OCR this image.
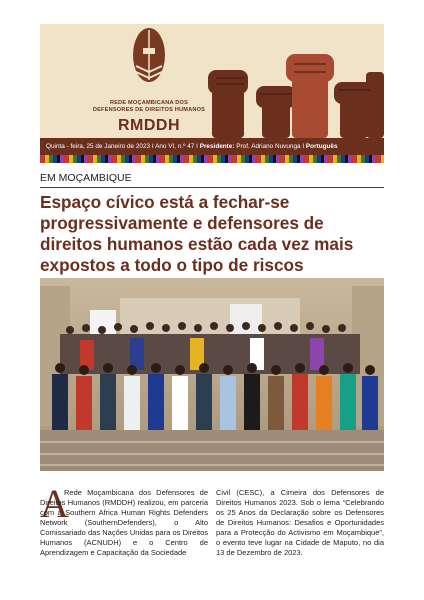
REDE MOÇAMBICANA DOS
DEFENSORES DE DIREITOS HUMANOS
RMDDH
Quinta - feira, 25 de Janeiro de 2023 I Ano VI, n.º 47 I Presidente: Prof. Adriano Nuvunga I Português
EM MOÇAMBIQUE
Espaço cívico está a fechar-se progressivamente e defensores de direitos humanos estão cada vez mais expostos a todo o tipo de riscos
A

Rede Moçambicana dos Defensores de Direitos Humanos (RMDDH) realizou, em parceria com a Southern Africa Human Rights Defenders Network (SouthernDefenders), o Alto Comissariado das Nações Unidas para os Direitos Humanos (ACNUDH) e o Centro de Aprendizagem e Capacitação da Sociedade

Civil (CESC), a Cimeira dos Defensores de Direitos Humanos 2023. Sob o lema “Celebrando os 25 Anos da Declaração sobre os Defensores de Direitos Humanos: Desafios e Oportunidades para a Protecção do Activismo em Moçambique”, o evento teve lugar na Cidade de Maputo, no dia 13 de Dezembro de 2023.
